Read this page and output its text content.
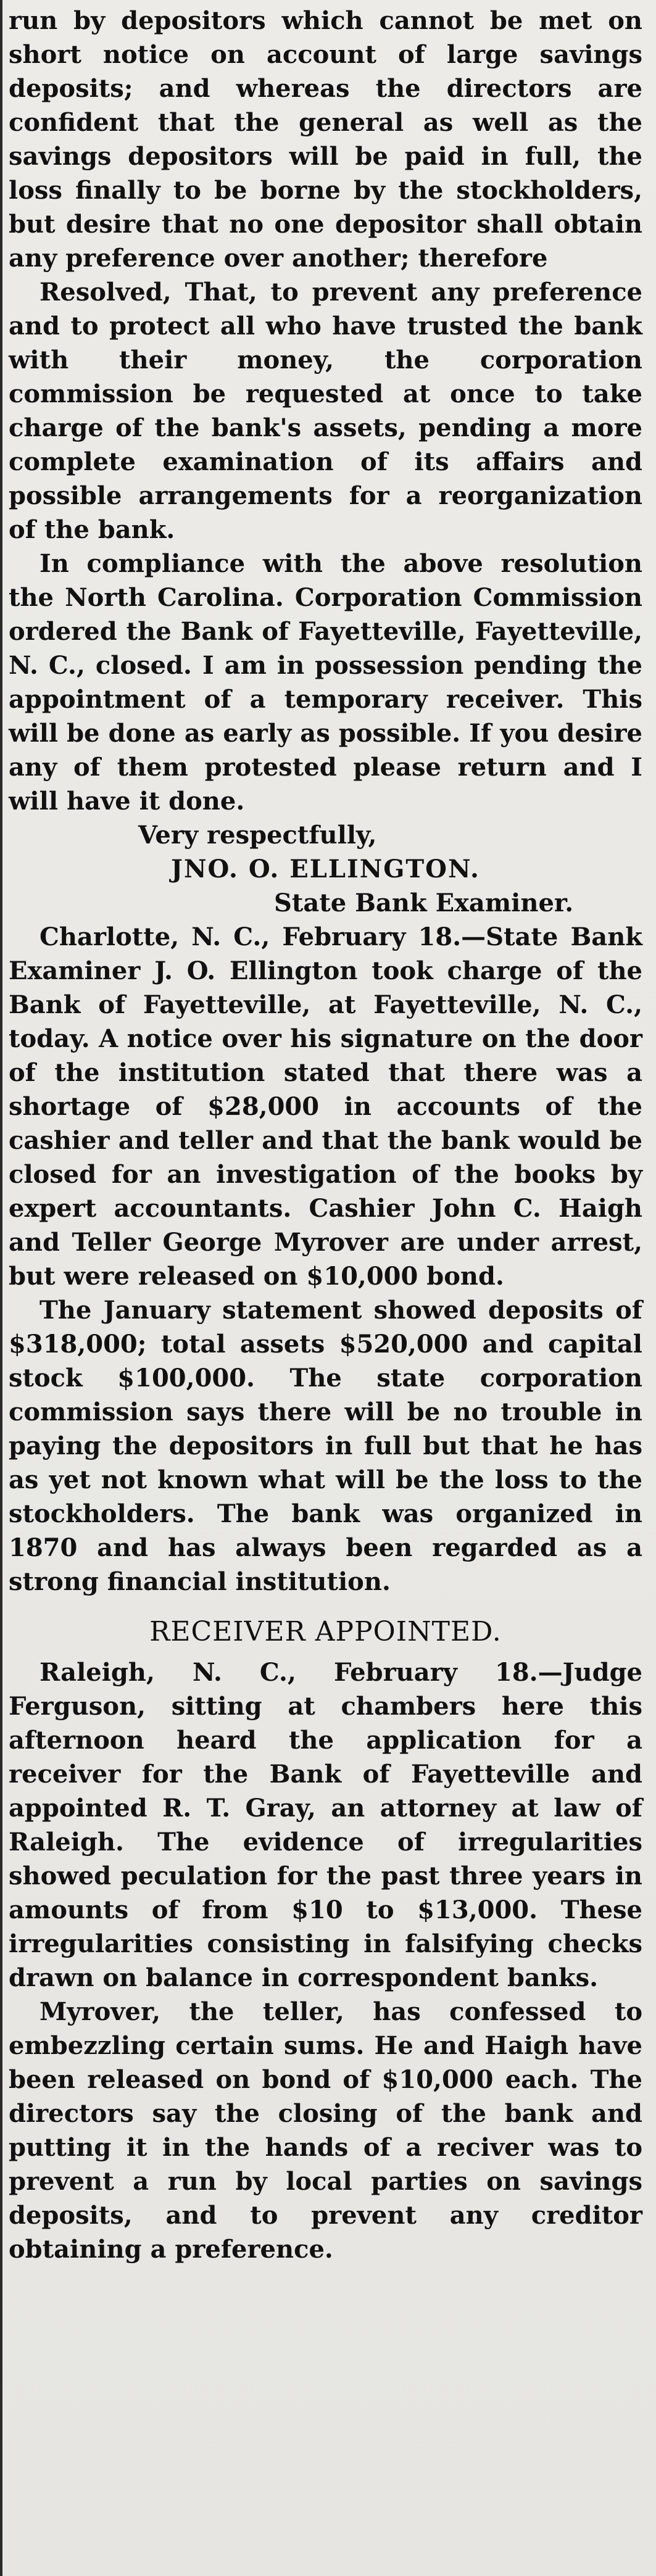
run by depositors which cannot be met on short notice on account of large savings deposits; and whereas the directors are confident that the general as well as the savings depositors will be paid in full, the loss finally to be borne by the stockholders, but desire that no one depositor shall obtain any preference over another; therefore

Resolved, That, to prevent any preference and to protect all who have trusted the bank with their money, the corporation commission be requested at once to take charge of the bank's assets, pending a more complete examination of its affairs and possible arrangements for a reorganization of the bank.

In compliance with the above resolution the North Carolina. Corporation Commission ordered the Bank of Fayetteville, Fayetteville, N. C., closed. I am in possession pending the appointment of a temporary receiver. This will be done as early as possible. If you desire any of them protested please return and I will have it done.

Very respectfully,

JNO. O. ELLINGTON.

State Bank Examiner.

Charlotte, N. C., February 18.—State Bank Examiner J. O. Ellington took charge of the Bank of Fayetteville, at Fayetteville, N. C., today. A notice over his signature on the door of the institution stated that there was a shortage of $28,000 in accounts of the cashier and teller and that the bank would be closed for an investigation of the books by expert accountants. Cashier John C. Haigh and Teller George Myrover are under arrest, but were released on $10,000 bond.

The January statement showed deposits of $318,000; total assets $520,000 and capital stock $100,000. The state corporation commission says there will be no trouble in paying the depositors in full but that he has as yet not known what will be the loss to the stockholders. The bank was organized in 1870 and has always been regarded as a strong financial institution.

RECEIVER APPOINTED.

Raleigh, N. C., February 18.—Judge Ferguson, sitting at chambers here this afternoon heard the application for a receiver for the Bank of Fayetteville and appointed R. T. Gray, an attorney at law of Raleigh. The evidence of irregularities showed peculation for the past three years in amounts of from $10 to $13,000. These irregularities consisting in falsifying checks drawn on balance in correspondent banks.

Myrover, the teller, has confessed to embezzling certain sums. He and Haigh have been released on bond of $10,000 each. The directors say the closing of the bank and putting it in the hands of a reciver was to prevent a run by local parties on savings deposits, and to prevent any creditor obtaining a preference.
